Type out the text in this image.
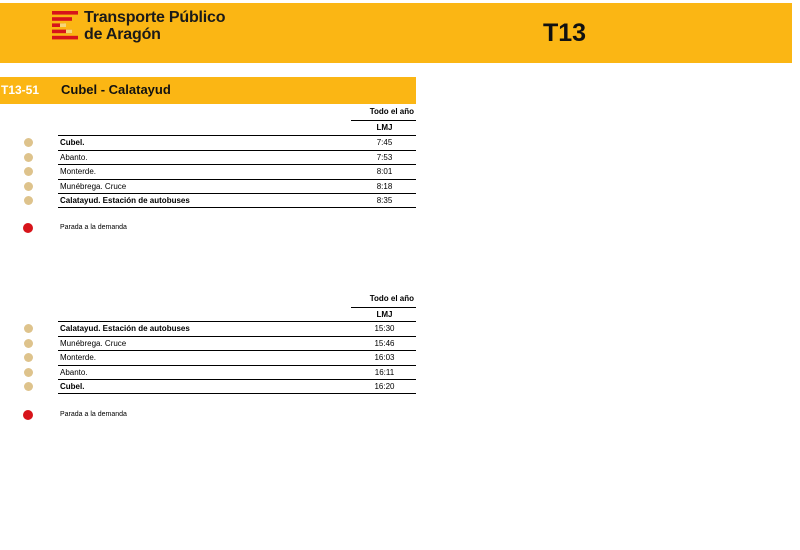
Transporte Público
de Aragón	T13
T13-51 Cubel - Calatayud
Todo el año
LMJ
Cubel.	7:45
Abanto.	7:53
Monterde.	8:01
Munébrega. Cruce	8:18
Calatayud. Estación de autobuses	8:35
Parada a la demanda
Todo el año
LMJ
Calatayud. Estación de autobuses	15:30
Munébrega. Cruce	15:46
Monterde.	16:03
Abanto.	16:11
Cubel.	16:20
Parada a la demanda
